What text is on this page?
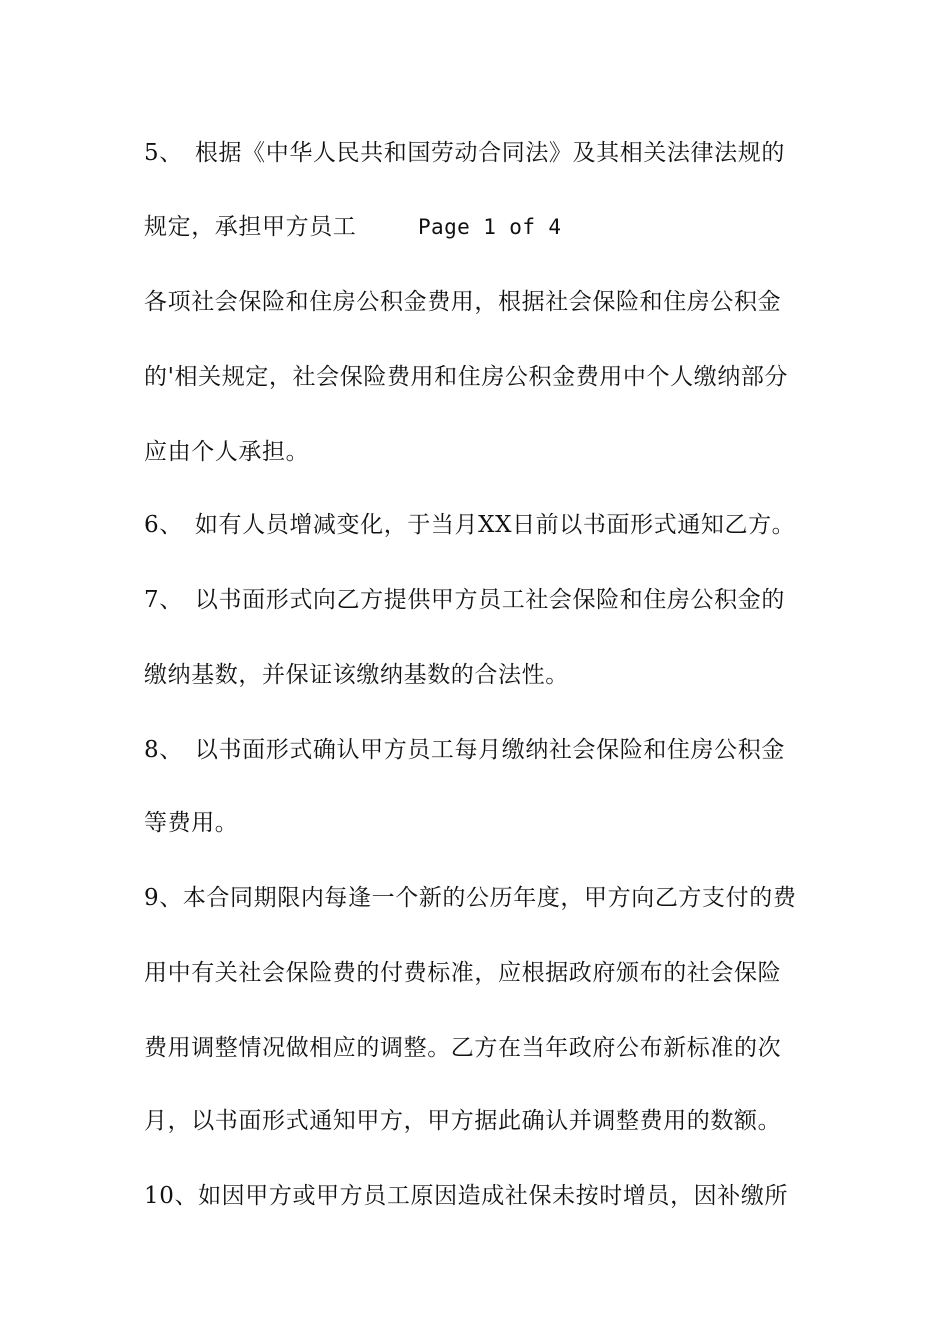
5、　根据《中华人民共和国劳动合同法》及其相关法律法规的
规定，承担甲方员工	Page 1 of 4
各项社会保险和住房公积金费用，根据社会保险和住房公积金
的'相关规定，社会保险费用和住房公积金费用中个人缴纳部分
应由个人承担。
6、　如有人员增减变化，于当月XX日前以书面形式通知乙方。
7、　以书面形式向乙方提供甲方员工社会保险和住房公积金的
缴纳基数，并保证该缴纳基数的合法性。
8、　以书面形式确认甲方员工每月缴纳社会保险和住房公积金
等费用。
9、本合同期限内每逢一个新的公历年度，甲方向乙方支付的费
用中有关社会保险费的付费标准，应根据政府颁布的社会保险
费用调整情况做相应的调整。乙方在当年政府公布新标准的次
月，以书面形式通知甲方，甲方据此确认并调整费用的数额。
10、如因甲方或甲方员工原因造成社保未按时增员，因补缴所
